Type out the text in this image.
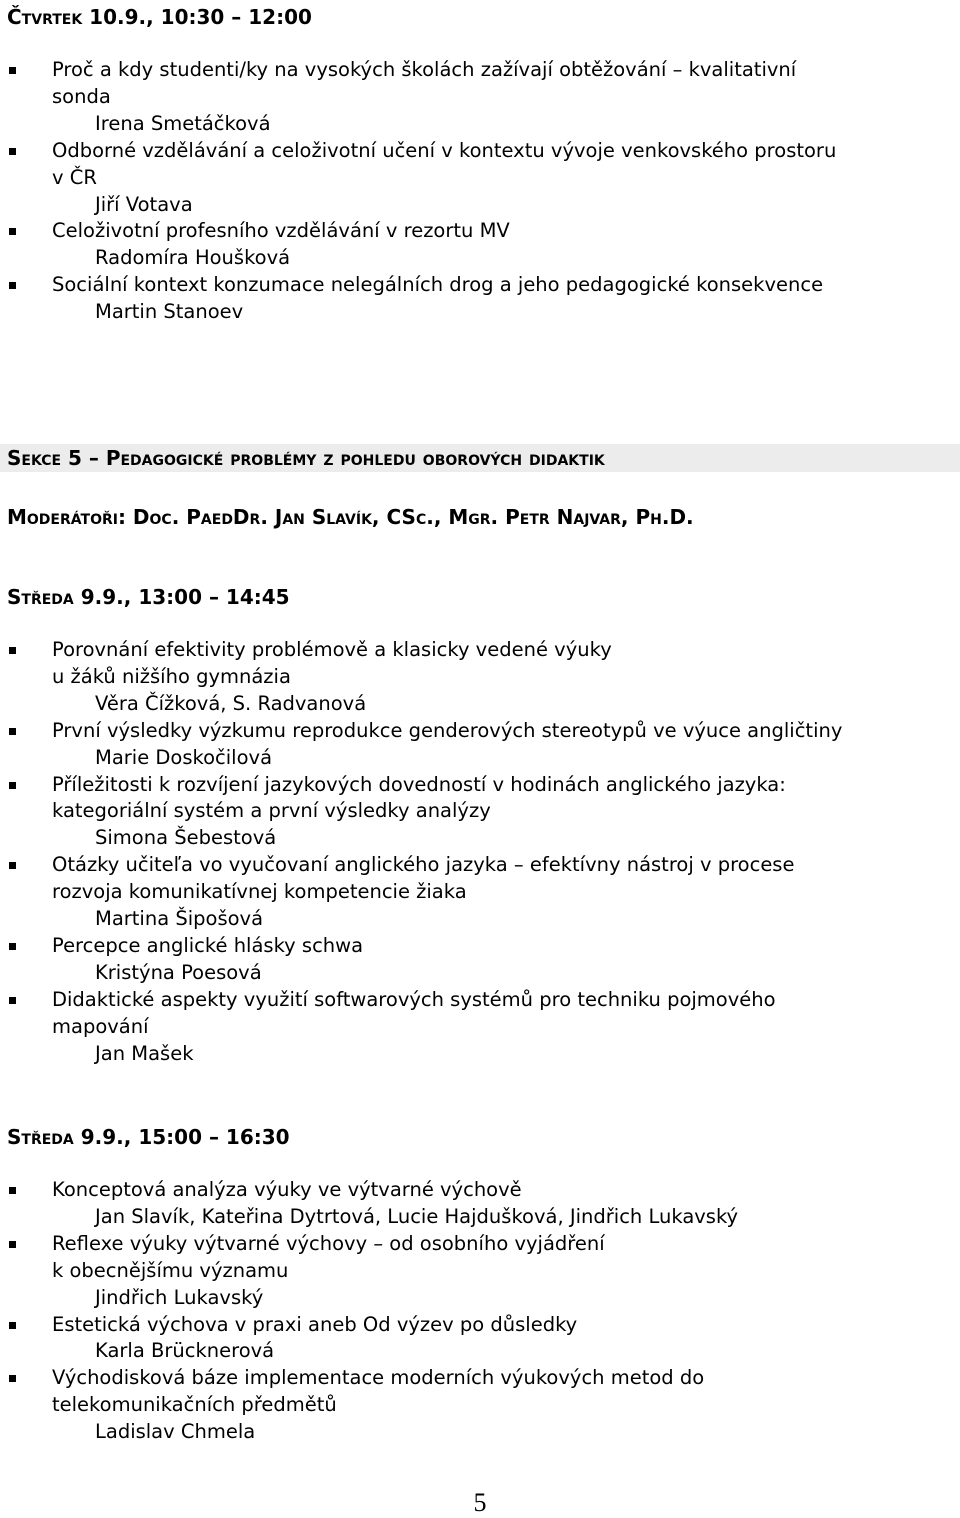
Čtvrtek 10.9., 10:30 – 12:00
Proč a kdy studenti/ky na vysokých školách zažívají obtěžování – kvalitativní
sonda
Irena Smetáčková
Odborné vzdělávání a celoživotní učení v kontextu vývoje venkovského prostoru
v ČR
Jiří Votava
Celoživotní profesního vzdělávání v rezortu MV
Radomíra Houšková
Sociální kontext konzumace nelegálních drog a jeho pedagogické konsekvence
Martin Stanoev
Sekce 5 – Pedagogické problémy z pohledu oborových didaktik
Moderátoři: Doc. PaedDr. Jan Slavík, CSc., Mgr. Petr Najvar, Ph.D.
Středa 9.9., 13:00 – 14:45
Porovnání efektivity problémově a klasicky vedené výuky
u žáků nižšího gymnázia
Věra Čížková, S. Radvanová
První výsledky výzkumu reprodukce genderových stereotypů ve výuce angličtiny
Marie Doskočilová
Příležitosti k rozvíjení jazykových dovedností v hodinách anglického jazyka:
kategoriální systém a první výsledky analýzy
Simona Šebestová
Otázky učiteľa vo vyučovaní anglického jazyka – efektívny nástroj v procese
rozvoja komunikatívnej kompetencie žiaka
Martina Šipošová
Percepce anglické hlásky schwa
Kristýna Poesová
Didaktické aspekty využití softwarových systémů pro techniku pojmového
mapování
Jan Mašek
Středa 9.9., 15:00 – 16:30
Konceptová analýza výuky ve výtvarné výchově
Jan Slavík, Kateřina Dytrtová, Lucie Hajdušková, Jindřich Lukavský
Reflexe výuky výtvarné výchovy – od osobního vyjádření
k obecnějšímu významu
Jindřich Lukavský
Estetická výchova v praxi aneb Od výzev po důsledky
Karla Brücknerová
Východisková báze implementace moderních výukových metod do
telekomunikačních předmětů
Ladislav Chmela
5
